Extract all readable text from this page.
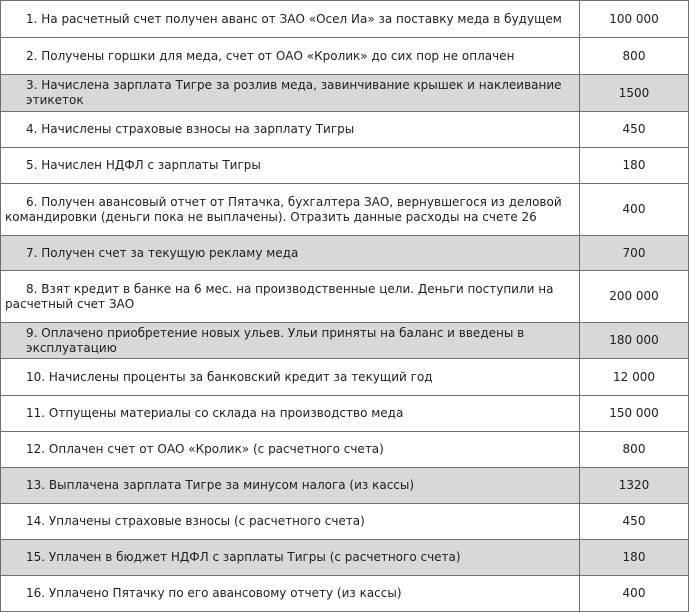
1. На расчетный счет получен аванс от ЗАО «Осел Иа» за поставку меда в будущем	100 000

2. Получены горшки для меда, счет от ОАО «Кролик» до сих пор не оплачен	800

3. Начислена зарплата Тигре за розлив меда, завинчивание крышек и наклеивание этикеток	1500

4. Начислены страховые взносы на зарплату Тигры	450

5. Начислен НДФЛ с зарплаты Тигры	180

6. Получен авансовый отчет от Пятачка, бухгалтера ЗАО, вернувшегося из деловой командировки (деньги пока не выплачены). Отразить данные расходы на счете 26	400

7. Получен счет за текущую рекламу меда	700

8. Взят кредит в банке на 6 мес. на производственные цели. Деньги поступили на расчетный счет ЗАО	200 000

9. Оплачено приобретение новых ульев. Ульи приняты на баланс и введены в эксплуатацию	180 000

10. Начислены проценты за банковский кредит за текущий год	12 000

11. Отпущены материалы со склада на производство меда	150 000

12. Оплачен счет от ОАО «Кролик» (с расчетного счета)	800

13. Выплачена зарплата Тигре за минусом налога (из кассы)	1320

14. Уплачены страховые взносы (с расчетного счета)	450

15. Уплачен в бюджет НДФЛ с зарплаты Тигры (с расчетного счета)	180

16. Уплачено Пятачку по его авансовому отчету (из кассы)	400
